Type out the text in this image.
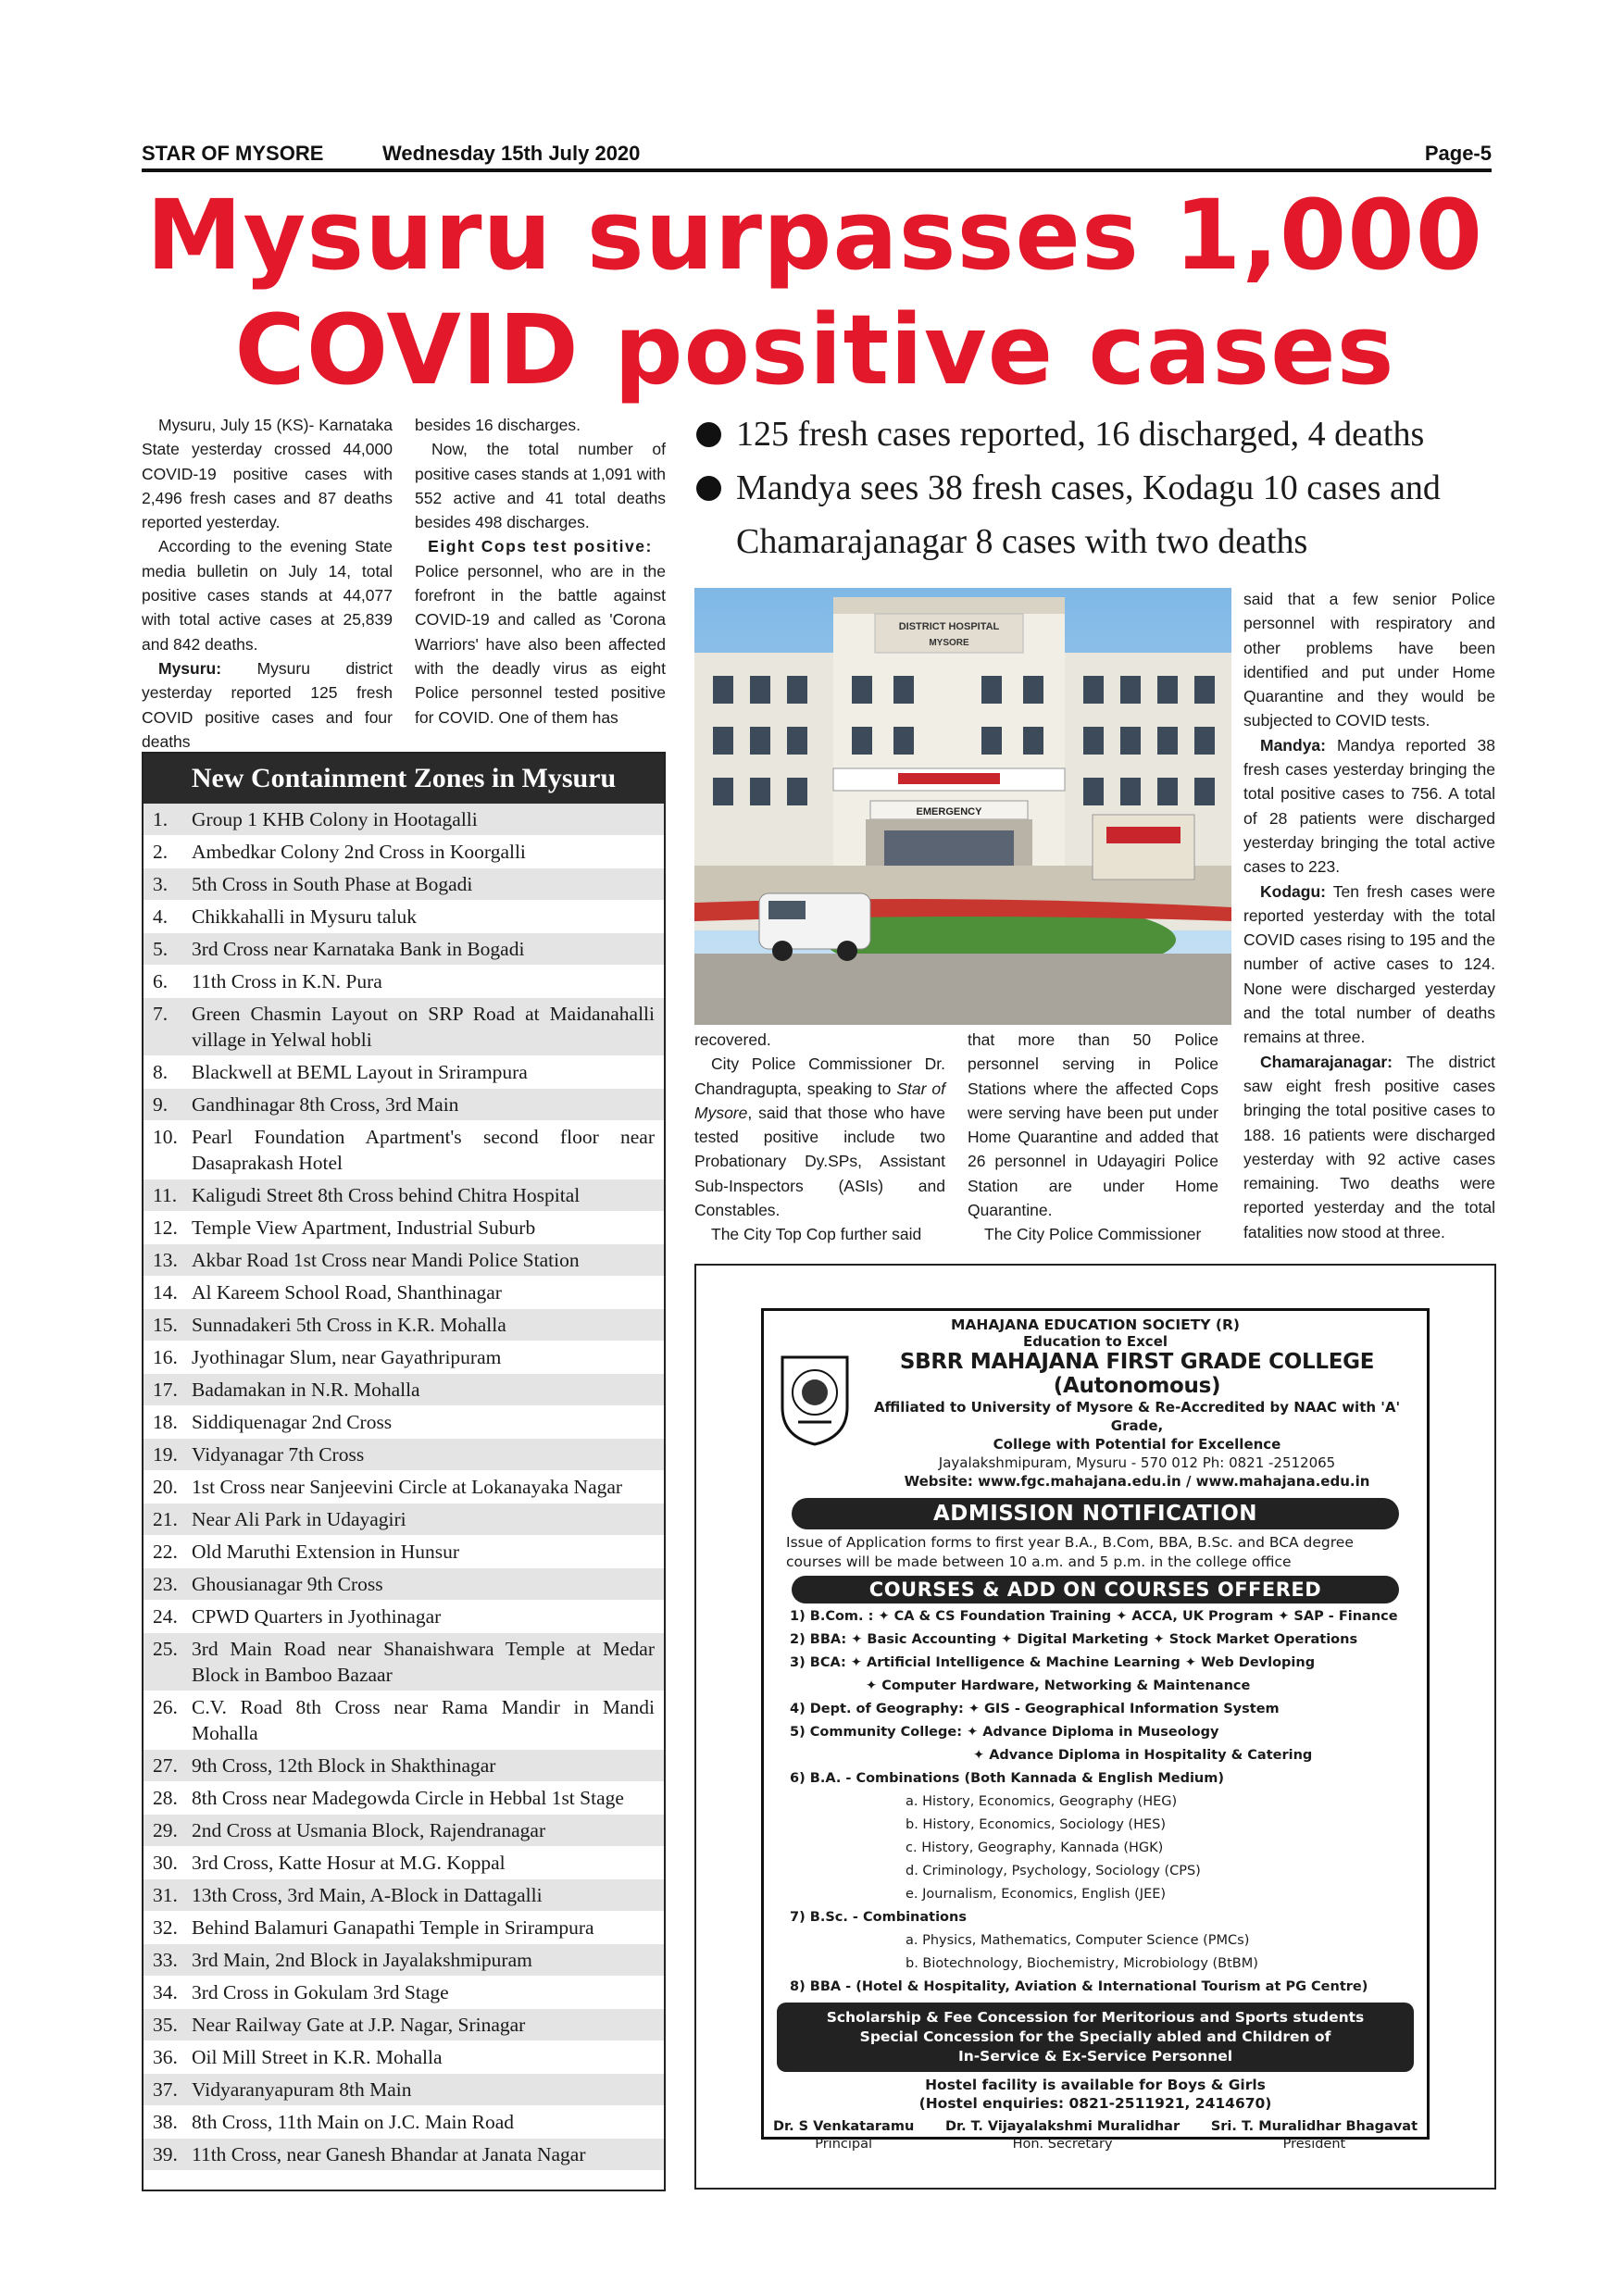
STAR OF MYSORE	Wednesday 15th July 2020	Page-5
Mysuru surpasses 1,000
COVID positive cases

Mysuru, July 15 (KS)- Karnataka State yesterday crossed 44,000 COVID-19 positive cases with 2,496 fresh cases and 87 deaths reported yesterday.

According to the evening State media bulletin on July 14, total positive cases stands at 44,077 with total active cases at 25,839 and 842 deaths.

Mysuru: Mysuru district yesterday reported 125 fresh COVID positive cases and four deaths

besides 16 discharges.

Now, the total number of positive cases stands at 1,091 with 552 active and 41 total deaths besides 498 discharges.

Eight Cops test positive:

Police personnel, who are in the forefront in the battle against COVID-19 and called as 'Corona Warriors' have also been affected with the deadly virus as eight Police personnel tested positive for COVID. One of them has

125 fresh cases reported, 16 discharged, 4 deaths
Mandya sees 38 fresh cases, Kodagu 10 cases and Chamarajanagar 8 cases with two deaths
DISTRICT HOSPITAL
MYSORE
EMERGENCY

recovered.

City Police Commissioner Dr. Chandragupta, speaking to Star of Mysore, said that those who have tested positive include two Probationary Dy.SPs, Assistant Sub-Inspectors (ASIs) and Constables.

The City Top Cop further said

that more than 50 Police personnel serving in Police Stations where the affected Cops were serving have been put under Home Quarantine and added that 26 personnel in Udayagiri Police Station are under Home Quarantine.

The City Police Commissioner

said that a few senior Police personnel with respiratory and other problems have been identified and put under Home Quarantine and they would be subjected to COVID tests.

Mandya: Mandya reported 38 fresh cases yesterday bringing the total positive cases to 756. A total of 28 patients were discharged yesterday bringing the total active cases to 223.

Kodagu: Ten fresh cases were reported yesterday with the total COVID cases rising to 195 and the number of active cases to 124. None were discharged yesterday and the total number of deaths remains at three.

Chamarajanagar: The district saw eight fresh positive cases bringing the total positive cases to 188. 16 patients were discharged yesterday with 92 active cases remaining. Two deaths were reported yesterday and the total fatalities now stood at three.

New Containment Zones in Mysuru
1.	Group 1 KHB Colony in Hootagalli
2.	Ambedkar Colony 2nd Cross in Koorgalli
3.	5th Cross in South Phase at Bogadi
4.	Chikkahalli in Mysuru taluk
5.	3rd Cross near Karnataka Bank in Bogadi
6.	11th Cross in K.N. Pura
7.	Green Chasmin Layout on SRP Road at Maidanahalli village in Yelwal hobli
8.	Blackwell at BEML Layout in Srirampura
9.	Gandhinagar 8th Cross, 3rd Main
10. Pearl Foundation Apartment's second floor near Dasaprakash Hotel
11. Kaligudi Street 8th Cross behind Chitra Hospital
12. Temple View Apartment, Industrial Suburb
13. Akbar Road 1st Cross near Mandi Police Station
14. Al Kareem School Road, Shanthinagar
15. Sunnadakeri 5th Cross in K.R. Mohalla
16. Jyothinagar Slum, near Gayathripuram
17. Badamakan in N.R. Mohalla
18. Siddiquenagar 2nd Cross
19. Vidyanagar 7th Cross
20. 1st Cross near Sanjeevini Circle at Lokanayaka Nagar
21. Near Ali Park in Udayagiri
22. Old Maruthi Extension in Hunsur
23. Ghousianagar 9th Cross
24. CPWD Quarters in Jyothinagar
25. 3rd Main Road near Shanaishwara Temple at Medar Block in Bamboo Bazaar
26. C.V. Road 8th Cross near Rama Mandir in Mandi Mohalla
27. 9th Cross, 12th Block in Shakthinagar
28. 8th Cross near Madegowda Circle in Hebbal 1st Stage
29. 2nd Cross at Usmania Block, Rajendranagar
30. 3rd Cross, Katte Hosur at M.G. Koppal
31. 13th Cross, 3rd Main, A-Block in Dattagalli
32. Behind Balamuri Ganapathi Temple in Srirampura
33. 3rd Main, 2nd Block in Jayalakshmipuram
34. 3rd Cross in Gokulam 3rd Stage
35. Near Railway Gate at J.P. Nagar, Srinagar
36. Oil Mill Street in K.R. Mohalla
37. Vidyaranyapuram 8th Main
38. 8th Cross, 11th Main on J.C. Main Road
39. 11th Cross, near Ganesh Bhandar at Janata Nagar
MAHAJANA EDUCATION SOCIETY (R)
Education to Excel
SBRR MAHAJANA FIRST GRADE COLLEGE (Autonomous)
Affiliated to University of Mysore & Re-Accredited by NAAC with 'A' Grade,
College with Potential for Excellence
Jayalakshmipuram, Mysuru - 570 012 Ph: 0821 -2512065
Website: www.fgc.mahajana.edu.in / www.mahajana.edu.in
ADMISSION NOTIFICATION
Issue of Application forms to first year B.A., B.Com, BBA, B.Sc. and BCA degree courses will be made between 10 a.m. and 5 p.m. in the college office
COURSES & ADD ON COURSES OFFERED
1) B.Com. : ✦ CA & CS Foundation Training ✦ ACCA, UK Program ✦ SAP - Finance
2) BBA: ✦ Basic Accounting ✦ Digital Marketing ✦ Stock Market Operations
3) BCA: ✦ Artificial Intelligence & Machine Learning ✦ Web Devloping
✦ Computer Hardware, Networking & Maintenance
4) Dept. of Geography: ✦ GIS - Geographical Information System
5) Community College: ✦ Advance Diploma in Museology
✦ Advance Diploma in Hospitality & Catering
6) B.A. - Combinations (Both Kannada & English Medium)
a. History, Economics, Geography (HEG)
b. History, Economics, Sociology (HES)
c. History, Geography, Kannada (HGK)
d. Criminology, Psychology, Sociology (CPS)
e. Journalism, Economics, English (JEE)
7) B.Sc. - Combinations
a. Physics, Mathematics, Computer Science (PMCs)
b. Biotechnology, Biochemistry, Microbiology (BtBM)
8) BBA - (Hotel & Hospitality, Aviation & International Tourism at PG Centre)
Scholarship & Fee Concession for Meritorious and Sports students
Special Concession for the Specially abled and Children of
In-Service & Ex-Service Personnel
Hostel facility is available for Boys & Girls
(Hostel enquiries: 0821-2511921, 2414670)
Dr. S Venkataramu
Principal
Dr. T. Vijayalakshmi Muralidhar
Hon. Secretary
Sri. T. Muralidhar Bhagavat
President
